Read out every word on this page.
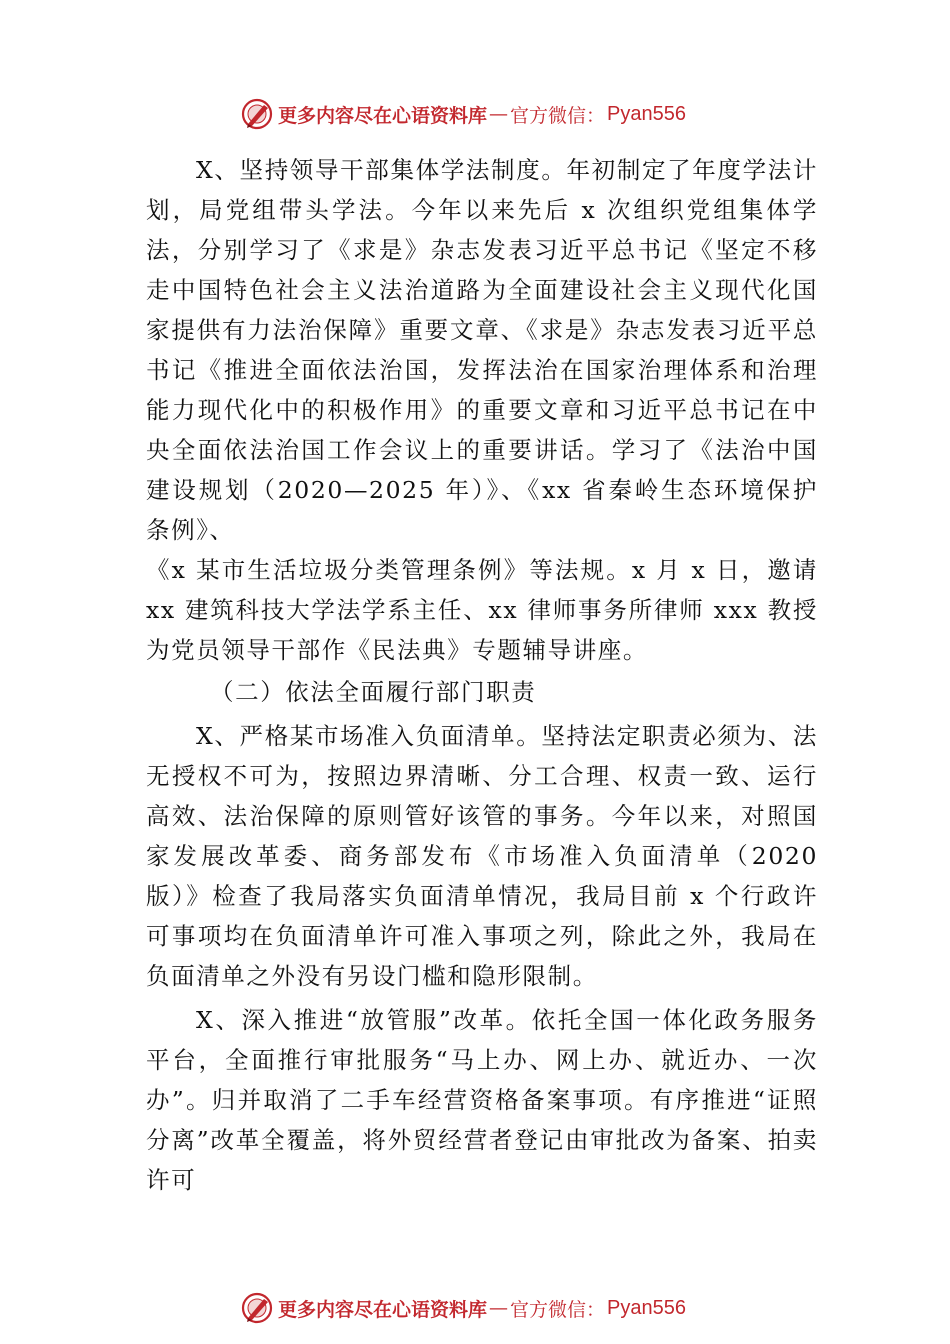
更多内容尽在心语资料库 — 官方微信： Pyan556

X、坚持领导干部集体学法制度。年初制定了年度学法计划，局党组带头学法。今年以来先后 x 次组织党组集体学法，分别学习了《求是》杂志发表习近平总书记《坚定不移走中国特色社会主义法治道路为全面建设社会主义现代化国家提供有力法治保障》重要文章、《求是》杂志发表习近平总书记《推进全面依法治国，发挥法治在国家治理体系和治理能力现代化中的积极作用》的重要文章和习近平总书记在中央全面依法治国工作会议上的重要讲话。学习了《法治中国建设规划（2020—2025 年）》、《xx 省秦岭生态环境保护条例》、

《x 某市生活垃圾分类管理条例》等法规。x 月 x 日，邀请 xx 建筑科技大学法学系主任、xx 律师事务所律师 xxx 教授为党员领导干部作《民法典》专题辅导讲座。

（二）依法全面履行部门职责

X、严格某市场准入负面清单。坚持法定职责必须为、法无授权不可为，按照边界清晰、分工合理、权责一致、运行高效、法治保障的原则管好该管的事务。今年以来，对照国家发展改革委、商务部发布《市场准入负面清单（2020 版）》检查了我局落实负面清单情况，我局目前 x 个行政许可事项均在负面清单许可准入事项之列，除此之外，我局在负面清单之外没有另设门槛和隐形限制。

X、深入推进“放管服”改革。依托全国一体化政务服务平台，全面推行审批服务“马上办、网上办、就近办、一次办”。归并取消了二手车经营资格备案事项。有序推进“证照分离”改革全覆盖，将外贸经营者登记由审批改为备案、拍卖许可

更多内容尽在心语资料库 — 官方微信： Pyan556
